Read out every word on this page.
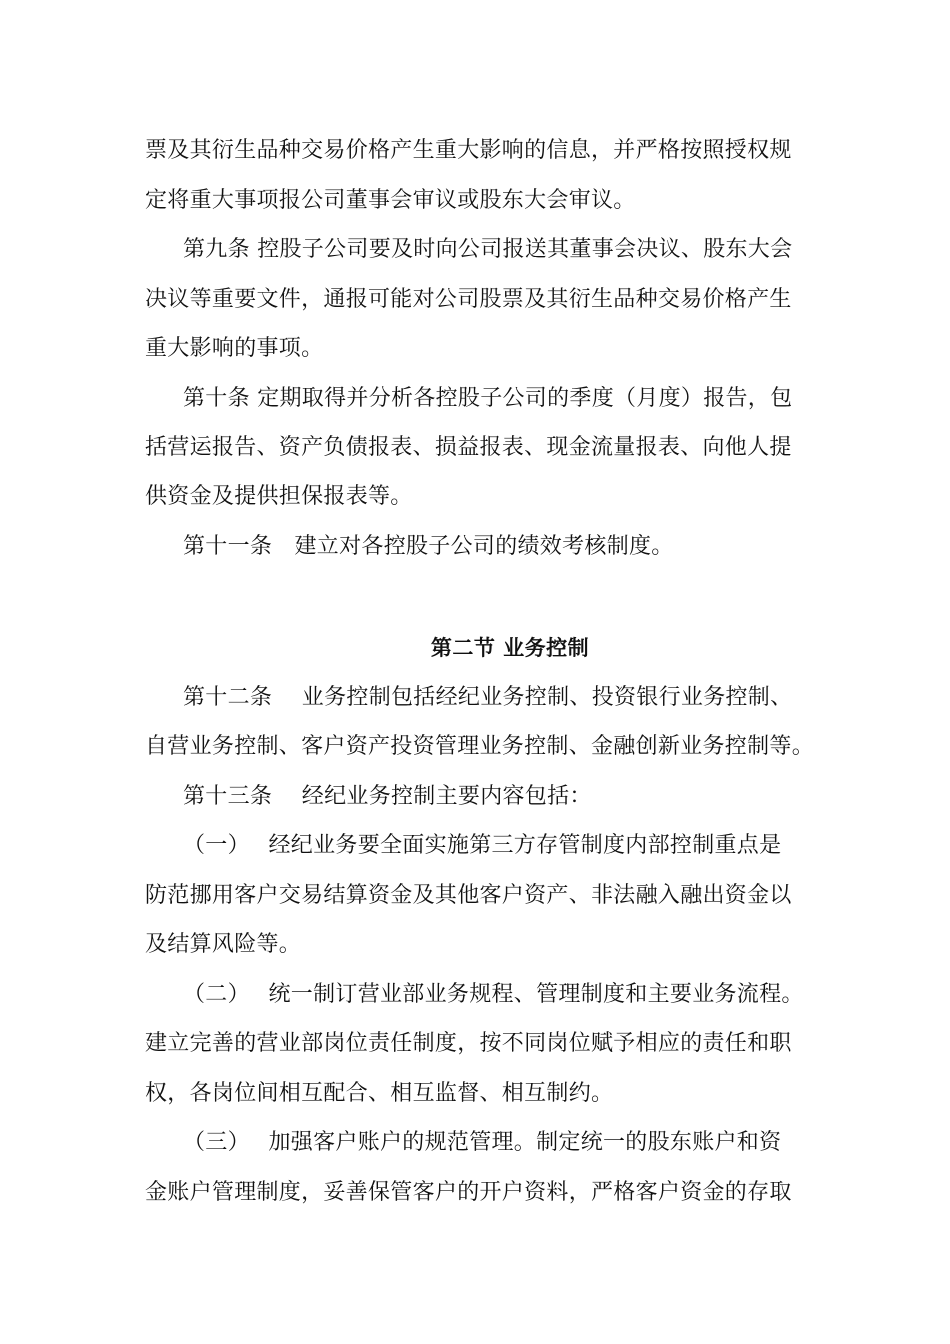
票及其衍生品种交易价格产生重大影响的信息，并严格按照授权规
定将重大事项报公司董事会审议或股东大会审议。
第九条 控股子公司要及时向公司报送其董事会决议、股东大会
决议等重要文件，通报可能对公司股票及其衍生品种交易价格产生
重大影响的事项。
第十条 定期取得并分析各控股子公司的季度（月度）报告，包
括营运报告、资产负债报表、损益报表、现金流量报表、向他人提
供资金及提供担保报表等。
第十一条　建立对各控股子公司的绩效考核制度。
第二节 业务控制
第十二条　 业务控制包括经纪业务控制、投资银行业务控制、
自营业务控制、客户资产投资管理业务控制、金融创新业务控制等。
第十三条　 经纪业务控制主要内容包括：
（一）　 经纪业务要全面实施第三方存管制度内部控制重点是
防范挪用客户交易结算资金及其他客户资产、非法融入融出资金以
及结算风险等。
（二）　 统一制订营业部业务规程、管理制度和主要业务流程。
建立完善的营业部岗位责任制度，按不同岗位赋予相应的责任和职
权，各岗位间相互配合、相互监督、相互制约。
（三）　 加强客户账户的规范管理。制定统一的股东账户和资
金账户管理制度，妥善保管客户的开户资料，严格客户资金的存取
